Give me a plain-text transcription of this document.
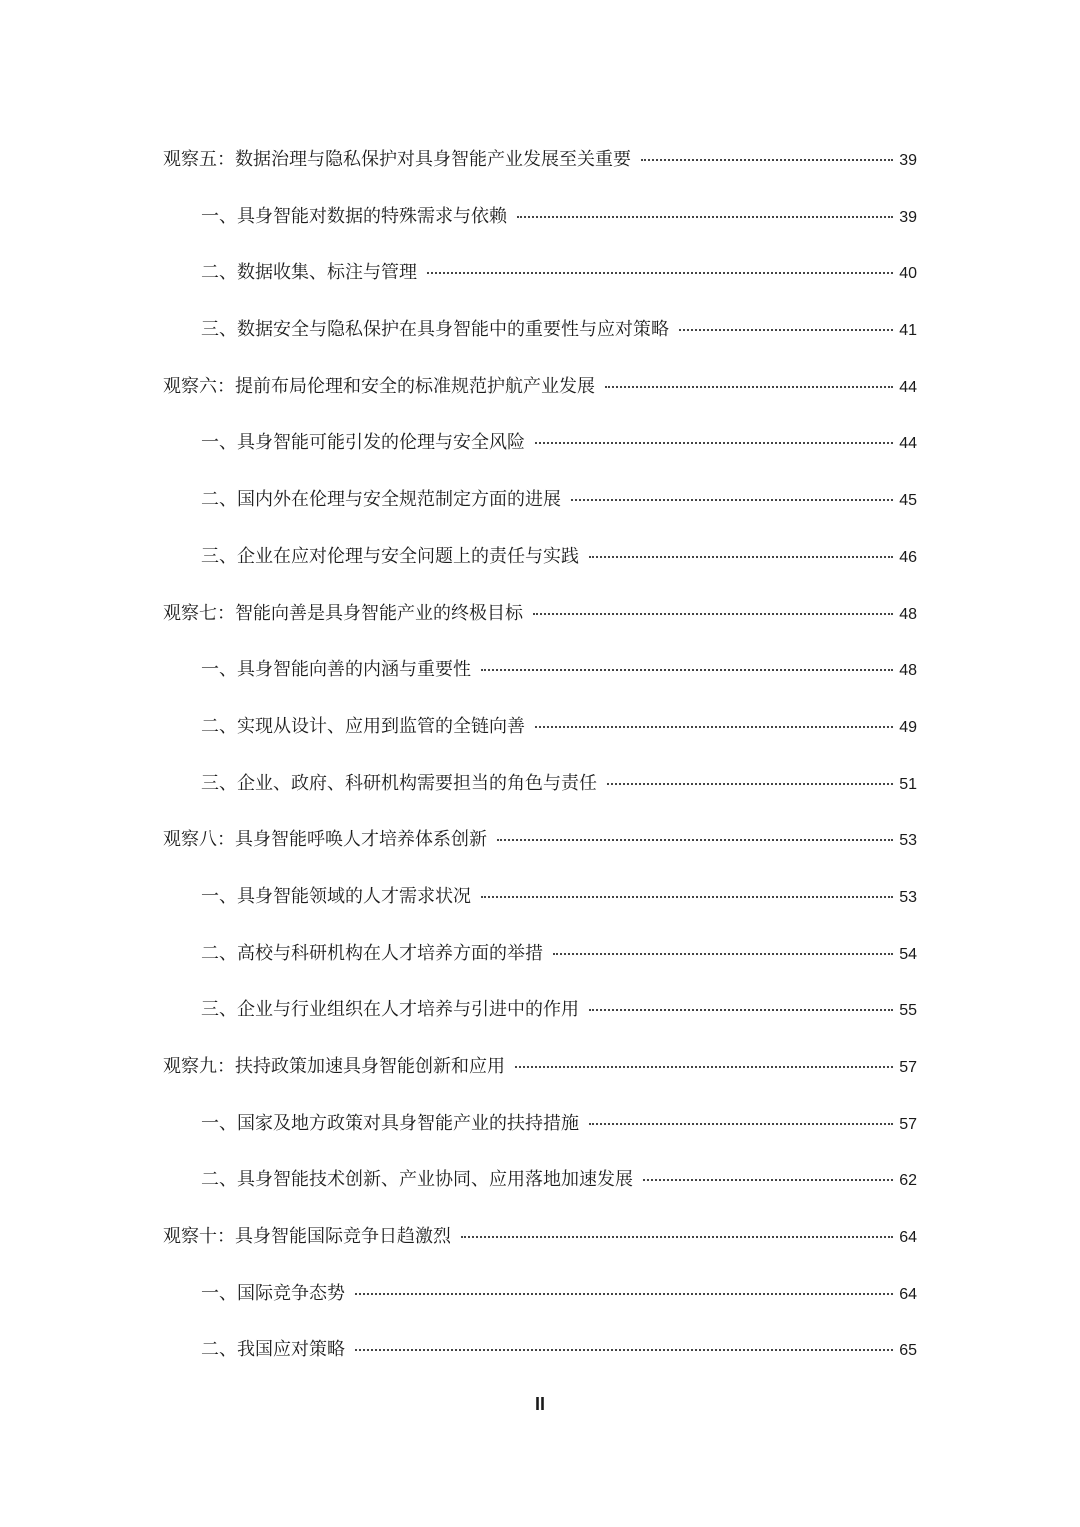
观察五：数据治理与隐私保护对具身智能产业发展至关重要	39
一、具身智能对数据的特殊需求与依赖	39
二、数据收集、标注与管理	40
三、数据安全与隐私保护在具身智能中的重要性与应对策略	41
观察六：提前布局伦理和安全的标准规范护航产业发展	44
一、具身智能可能引发的伦理与安全风险	44
二、国内外在伦理与安全规范制定方面的进展	45
三、企业在应对伦理与安全问题上的责任与实践	46
观察七：智能向善是具身智能产业的终极目标	48
一、具身智能向善的内涵与重要性	48
二、实现从设计、应用到监管的全链向善	49
三、企业、政府、科研机构需要担当的角色与责任	51
观察八：具身智能呼唤人才培养体系创新	53
一、具身智能领域的人才需求状况	53
二、高校与科研机构在人才培养方面的举措	54
三、企业与行业组织在人才培养与引进中的作用	55
观察九：扶持政策加速具身智能创新和应用	57
一、国家及地方政策对具身智能产业的扶持措施	57
二、具身智能技术创新、产业协同、应用落地加速发展	62
观察十：具身智能国际竞争日趋激烈	64
一、国际竞争态势	64
二、我国应对策略	65
II
